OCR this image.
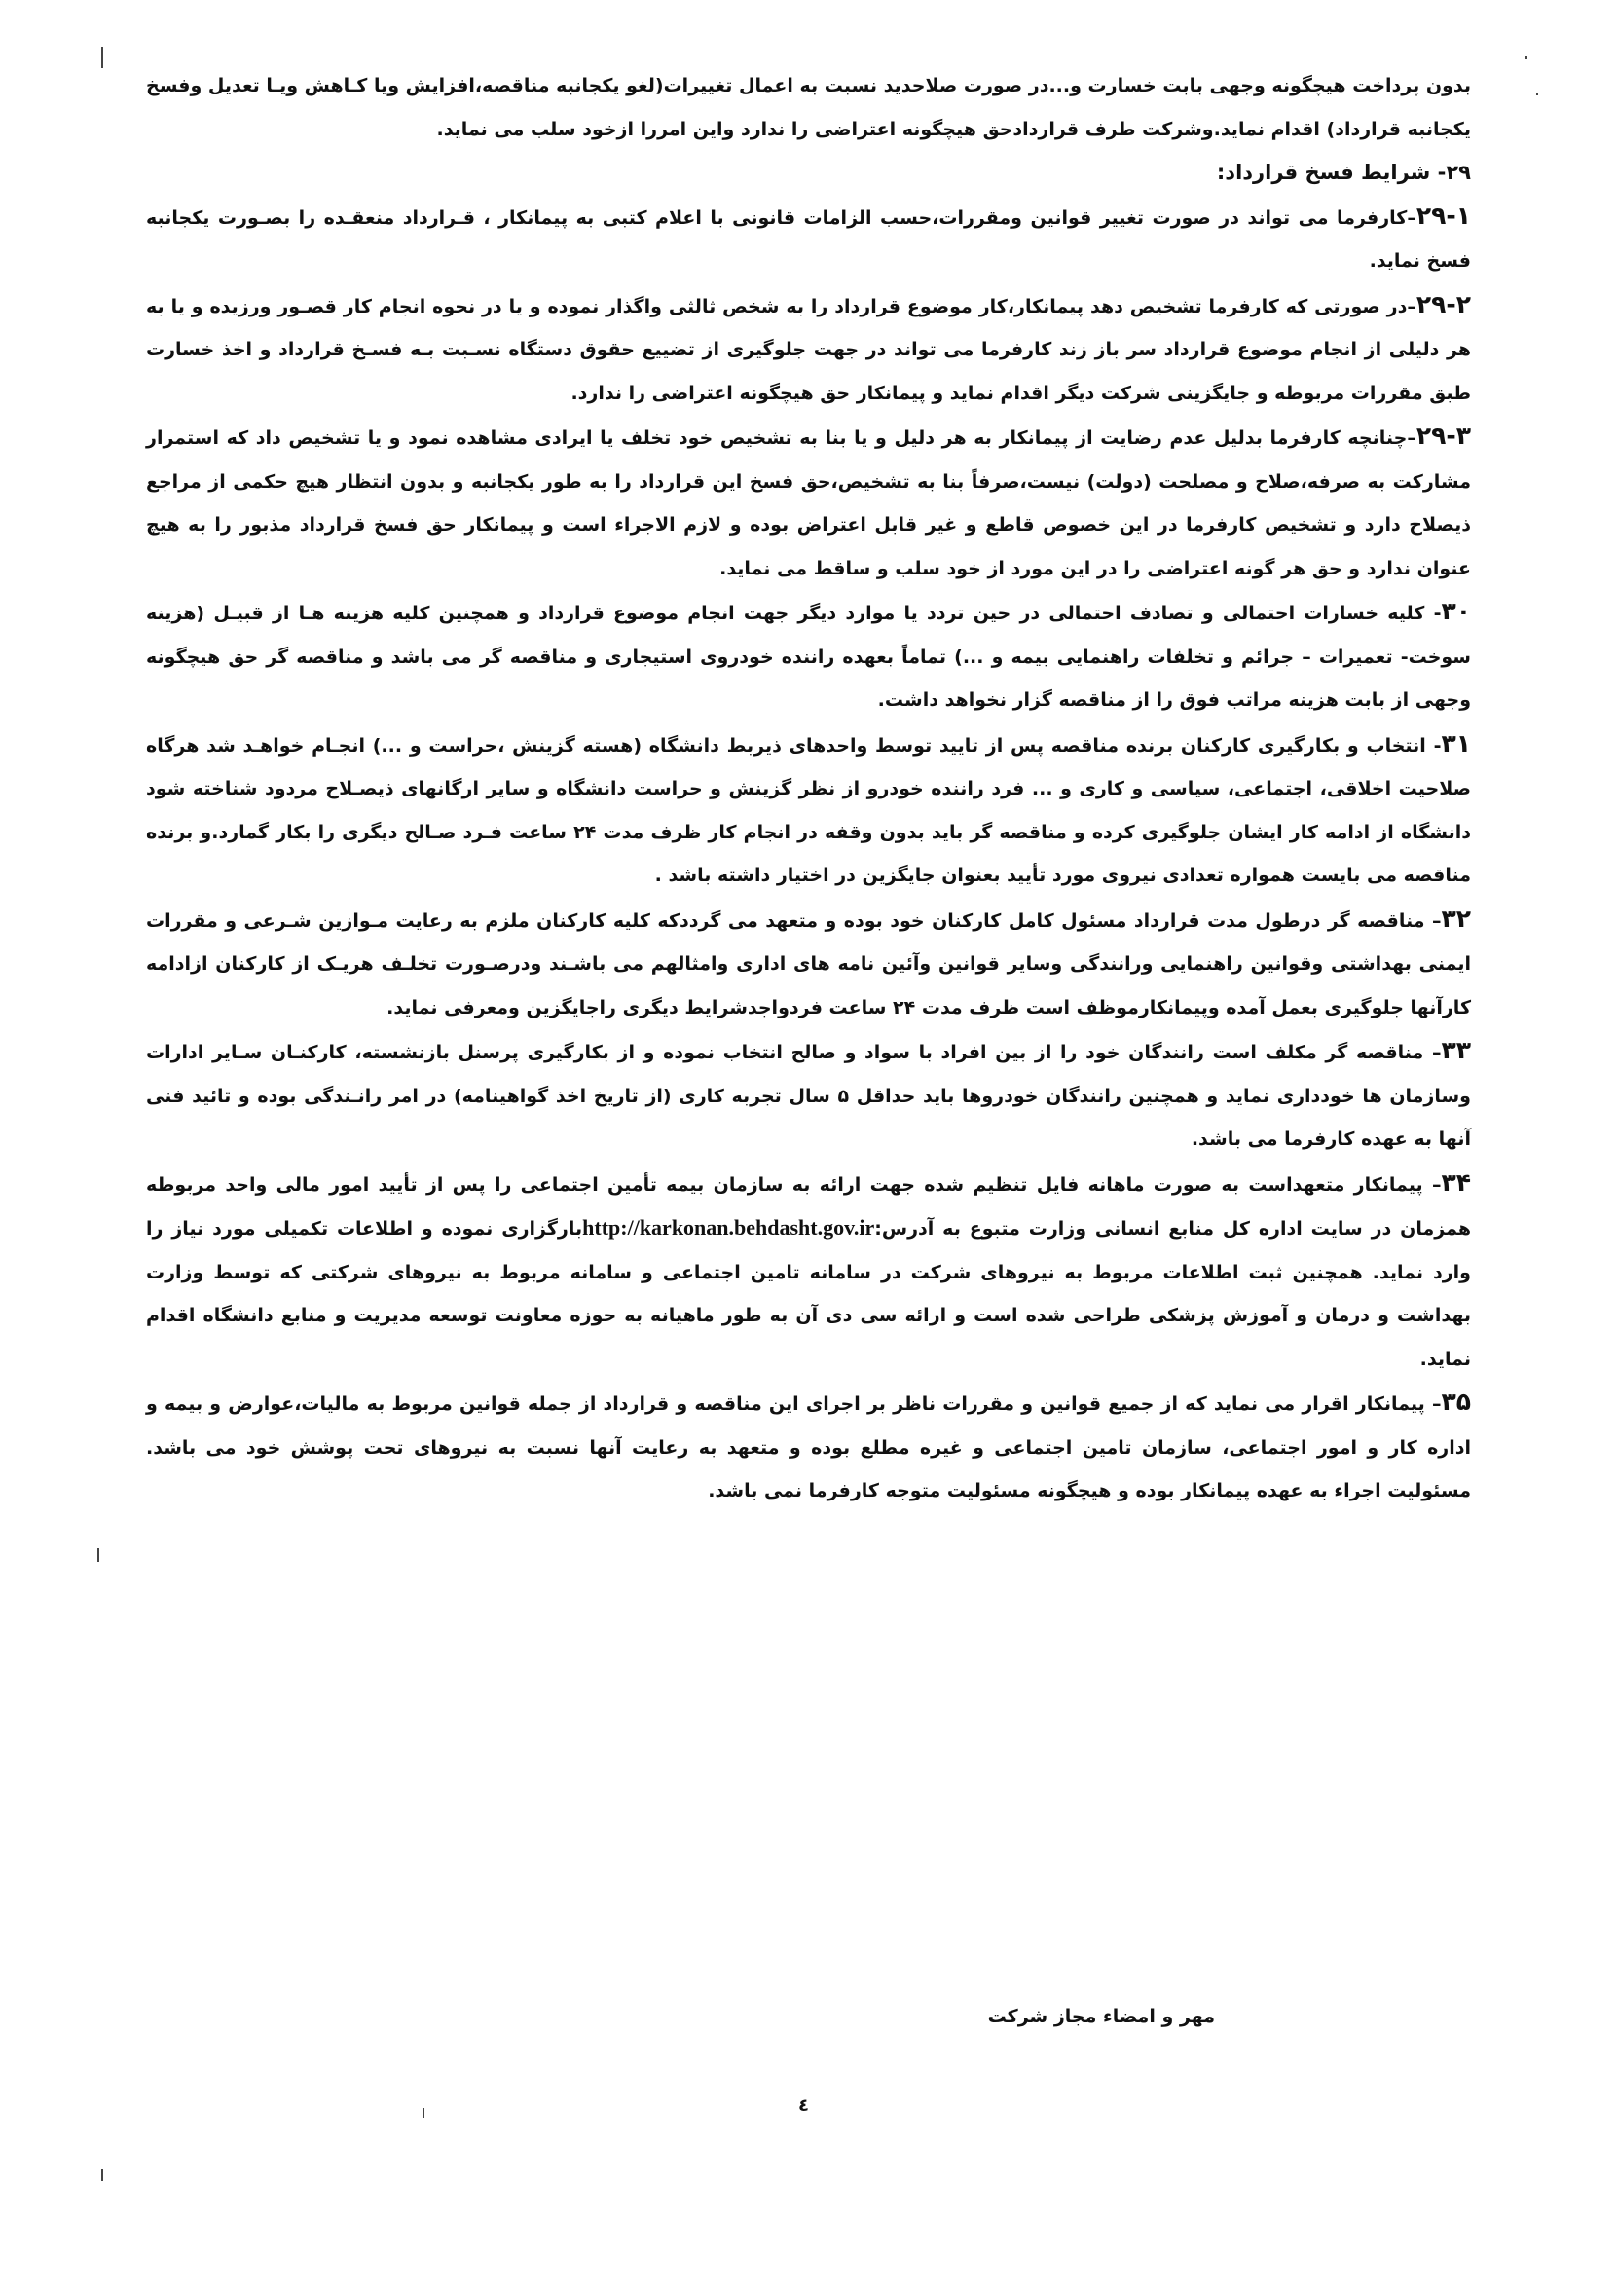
بدون پرداخت هیچگونه وجهی بابت خسارت و...در صورت صلاحدید نسبت به اعمال تغییرات(لغو یکجانبه مناقصه،افزایش ویا کـاهش ویـا تعدیل وفسخ یکجانبه قرارداد) اقدام نماید.وشرکت طرف قراردادحق هیچگونه اعتراضی را ندارد واین امررا ازخود سلب می نماید.

۲۹- شرایط فسخ قرارداد:

۲۹-۱–کارفرما می تواند در صورت تغییر قوانین ومقررات،حسب الزامات قانونی با اعلام کتبی به پیمانکار ، قـرارداد منعقـده را بصـورت یکجانبه فسخ نماید.

۲۹-۲–در صورتی که کارفرما تشخیص دهد پیمانکار،کار موضوع قرارداد را به شخص ثالثی واگذار نموده و یا در نحوه انجام کار قصـور ورزیده و یا به هر دلیلی از انجام موضوع قرارداد سر باز زند کارفرما می تواند در جهت جلوگیری از تضییع حقوق دستگاه نسـبت بـه فسـخ قرارداد و اخذ خسارت طبق مقررات مربوطه و جایگزینی شرکت دیگر اقدام نماید و پیمانکار حق هیچگونه اعتراضی را ندارد.

۲۹-۳–چنانچه کارفرما بدلیل عدم رضایت از پیمانکار به هر دلیل و یا بنا به تشخیص خود تخلف یا ایرادی مشاهده نمود و یا تشخیص داد که استمرار مشارکت به صرفه،صلاح و مصلحت (دولت) نیست،صرفاً بنا به تشخیص،حق فسخ این قرارداد را به طور یکجانبه و بدون انتظار هیچ حکمی از مراجع ذیصلاح دارد و تشخیص کارفرما در این خصوص قاطع و غیر قابل اعتراض بوده و لازم الاجراء است و پیمانکار حق فسخ قرارداد مذبور را به هیچ عنوان ندارد و حق هر گونه اعتراضی را در این مورد از خود سلب و ساقط می نماید.

۳۰- کلیه خسارات احتمالی و تصادف احتمالی در حین تردد یا موارد دیگر جهت انجام موضوع قرارداد و همچنین کلیه هزینه هـا از قبیـل (هزینه سوخت- تعمیرات – جرائم و تخلفات راهنمایی بیمه و ...) تماماً بعهده راننده خودروی استیجاری و مناقصه گر می باشد و مناقصه گر حق هیچگونه وجهی از بابت هزینه مراتب فوق را از مناقصه گزار نخواهد داشت.

۳۱- انتخاب و بکارگیری کارکنان برنده مناقصه پس از تایید توسط واحدهای ذیربط دانشگاه (هسته گزینش ،حراست و ...) انجـام خواهـد شد هرگاه صلاحیت اخلاقی، اجتماعی، سیاسی و کاری و ... فرد راننده خودرو از نظر گزینش و حراست دانشگاه و سایر ارگانهای ذیصـلاح مردود شناخته شود دانشگاه از ادامه کار ایشان جلوگیری کرده و مناقصه گر باید بدون وقفه در انجام کار ظرف مدت ۲۴ ساعت فـرد صـالح دیگری را بکار گمارد.و برنده مناقصه می بایست همواره تعدادی نیروی مورد تأیید بعنوان جایگزین در اختیار داشته باشد .

۳۲– مناقصه گر درطول مدت قرارداد مسئول کامل کارکنان خود بوده و متعهد می گرددکه کلیه کارکنان ملزم به رعایت مـوازین شـرعی و مقررات ایمنی بهداشتی وقوانین راهنمایی ورانندگی وسایر قوانین وآئین نامه های اداری وامثالهم می باشـند ودرصـورت تخلـف هریـک از کارکنان ازادامه کارآنها جلوگیری بعمل آمده وپیمانکارموظف است ظرف مدت ۲۴ ساعت فردواجدشرایط دیگری راجایگزین ومعرفی نماید.

۳۳– مناقصه گر مکلف است رانندگان خود را از بین افراد با سواد و صالح انتخاب نموده و از بکارگیری پرسنل بازنشسته، کارکنـان سـایر ادارات وسازمان ها خودداری نماید و همچنین رانندگان خودروها باید حداقل ۵ سال تجربه کاری (از تاریخ اخذ گواهینامه) در امر رانـندگی بوده و تائید فنی آنها به عهده کارفرما می باشد.

۳۴– پیمانکار متعهداست به صورت ماهانه فایل تنظیم شده جهت ارائه به سازمان بیمه تأمین اجتماعی را پس از تأیید امور مالی واحد مربوطه همزمان در سایت اداره کل منابع انسانی وزارت متبوع به آدرس:http://karkonan.behdasht.gov.irبارگزاری نموده و اطلاعات تکمیلی مورد نیاز را وارد نماید. همچنین ثبت اطلاعات مربوط به نیروهای شرکت در سامانه تامین اجتماعی و سامانه مربوط به نیروهای شرکتی که توسط وزارت بهداشت و درمان و آموزش پزشکی طراحی شده است و ارائه سی دی آن به طور ماهیانه به حوزه معاونت توسعه مدیریت و منابع دانشگاه اقدام نماید.

۳۵– پیمانکار اقرار می نماید که از جمیع قوانین و مقررات ناظر بر اجرای این مناقصه و قرارداد از جمله قوانین مربوط به مالیات،عوارض و بیمه و اداره کار و امور اجتماعی، سازمان تامین اجتماعی و غیره مطلع بوده و متعهد به رعایت آنها نسبت به نیروهای تحت پوشش خود می باشد. مسئولیت اجراء به عهده پیمانکار بوده و هیچگونه مسئولیت متوجه کارفرما نمی باشد.

مهر و امضاء مجاز شرکت
٤
